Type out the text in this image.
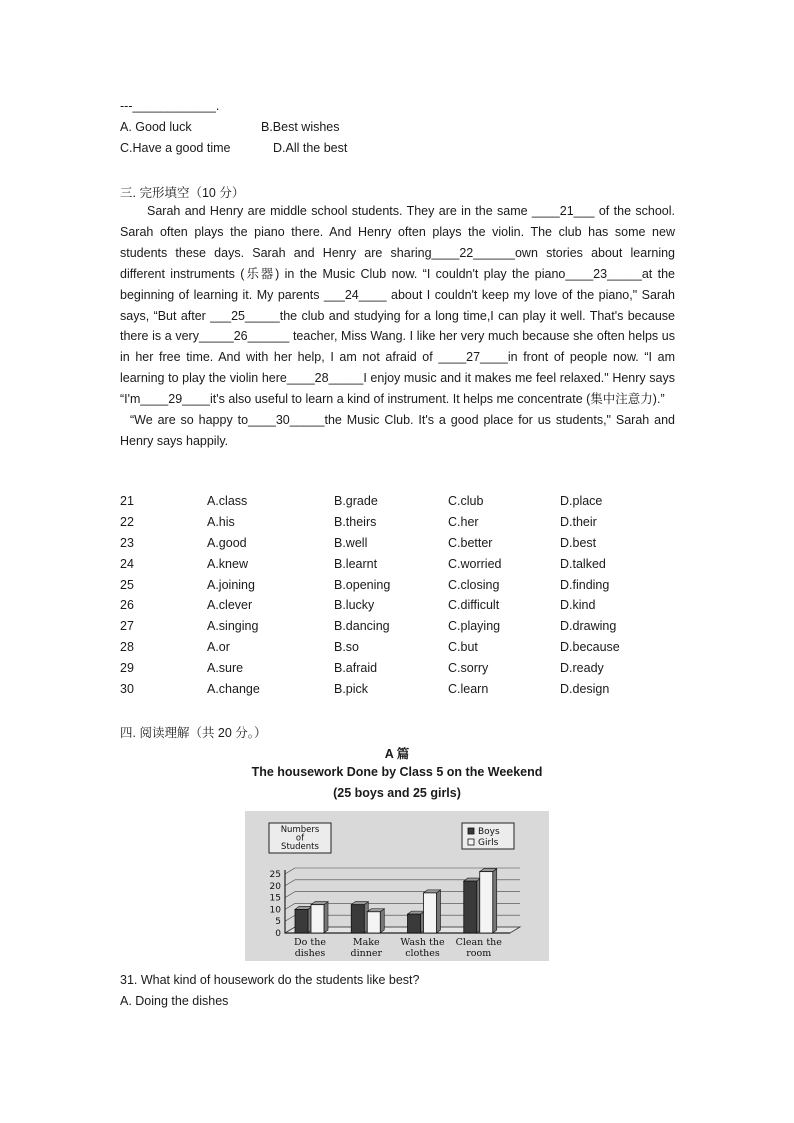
---____________.
A. Good luck	B.Best wishes
C.Have a good time	D.All the best
三. 完形填空（10 分）

Sarah and Henry are middle school students. They are in the same ____21___ of the school. Sarah often plays the piano there. And Henry often plays the violin. The club has some new students these days. Sarah and Henry are sharing____22______own stories about learning different instruments (乐器) in the Music Club now. “I couldn't play the piano____23_____at the beginning of learning it. My parents ___24____ about I couldn't keep my love of the piano," Sarah says, “But after ___25_____the club and studying for a long time,I can play it well. That's because there is a very_____26______ teacher, Miss Wang. I like her very much because she often helps us in her free time. And with her help, I am not afraid of ____27____in front of people now. “I am learning to play the violin here____28_____I enjoy music and it makes me feel relaxed." Henry says “I'm____29____it's also useful to learn a kind of instrument. It helps me concentrate (集中注意力).”

“We are so happy to____30_____the Music Club. It's a good place for us students," Sarah and Henry says happily.

21	A.class	B.grade	C.club	D.place
22	A.his	B.theirs	C.her	D.their
23	A.good	B.well	C.better	D.best
24	A.knew	B.learnt	C.worried	D.talked
25	A.joining	B.opening	C.closing	D.finding
26	A.clever	B.lucky	C.difficult	D.kind
27	A.singing	B.dancing	C.playing	D.drawing
28	A.or	B.so	C.but	D.because
29	A.sure	B.afraid	C.sorry	D.ready
30	A.change	B.pick	C.learn	D.design
四. 阅读理解（共 20 分。）
A 篇
The housework Done by Class 5 on the Weekend
(25 boys and 25 girls)
Numbers
of
Students
Boys
Girls
0
5
10
15
20
25
Do the
dishes
Make
dinner
Wash the
clothes
Clean the
room
31. What kind of housework do the students like best?
A. Doing the dishes
